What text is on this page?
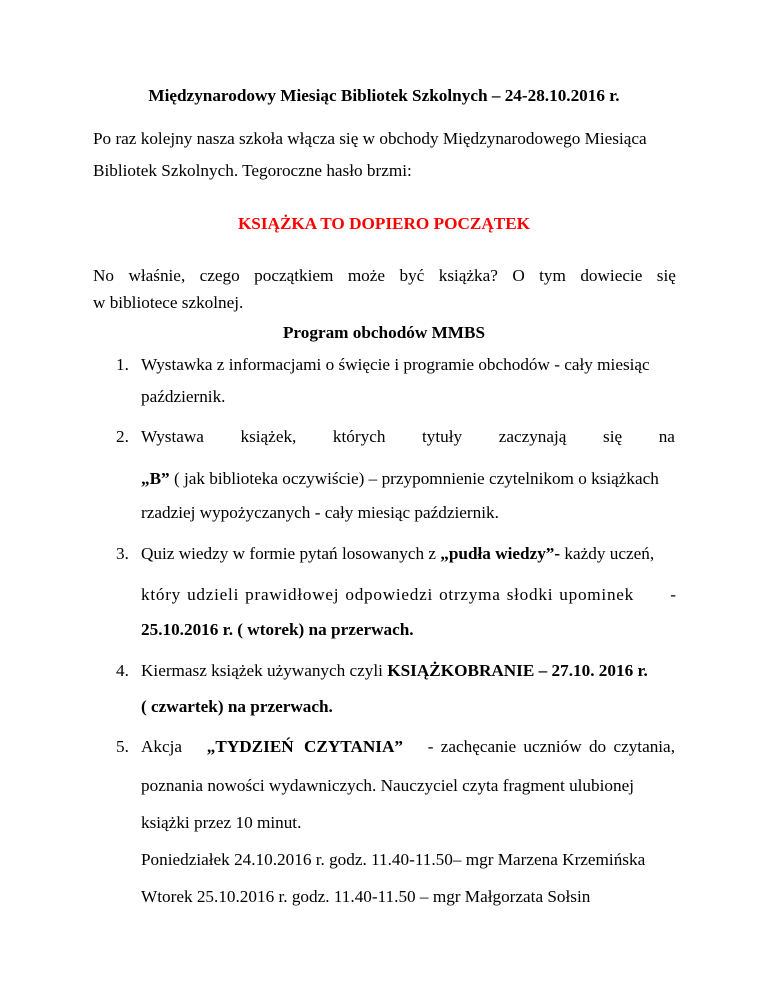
Międzynarodowy Miesiąc Bibliotek Szkolnych – 24-28.10.2016 r.
Po raz kolejny nasza szkoła włącza się w obchody Międzynarodowego Miesiąca
Bibliotek Szkolnych. Tegoroczne hasło brzmi:
KSIĄŻKA TO DOPIERO POCZĄTEK
No właśnie, czego początkiem może być książka? O tym dowiecie się
w bibliotece szkolnej.
Program obchodów MMBS
1. Wystawka z informacjami o święcie i programie obchodów - cały miesiąc
październik.
2. Wystawa książek, których tytuły zaczynają się na
„B” ( jak biblioteka oczywiście) – przypomnienie czytelnikom o książkach
rzadziej wypożyczanych - cały miesiąc październik.
3. Quiz wiedzy w formie pytań losowanych z „pudła wiedzy”- każdy uczeń,
który udzieli prawidłowej odpowiedzi otrzyma słodki upominek -
25.10.2016 r. ( wtorek) na przerwach.
4. Kiermasz książek używanych czyli KSIĄŻKOBRANIE – 27.10. 2016 r.
( czwartek) na przerwach.
5. Akcja „TYDZIEŃ CZYTANIA” - zachęcanie uczniów do czytania,
poznania nowości wydawniczych. Nauczyciel czyta fragment ulubionej
książki przez 10 minut.
Poniedziałek 24.10.2016 r. godz. 11.40-11.50– mgr Marzena Krzemińska
Wtorek 25.10.2016 r. godz. 11.40-11.50 – mgr Małgorzata Sołsin
